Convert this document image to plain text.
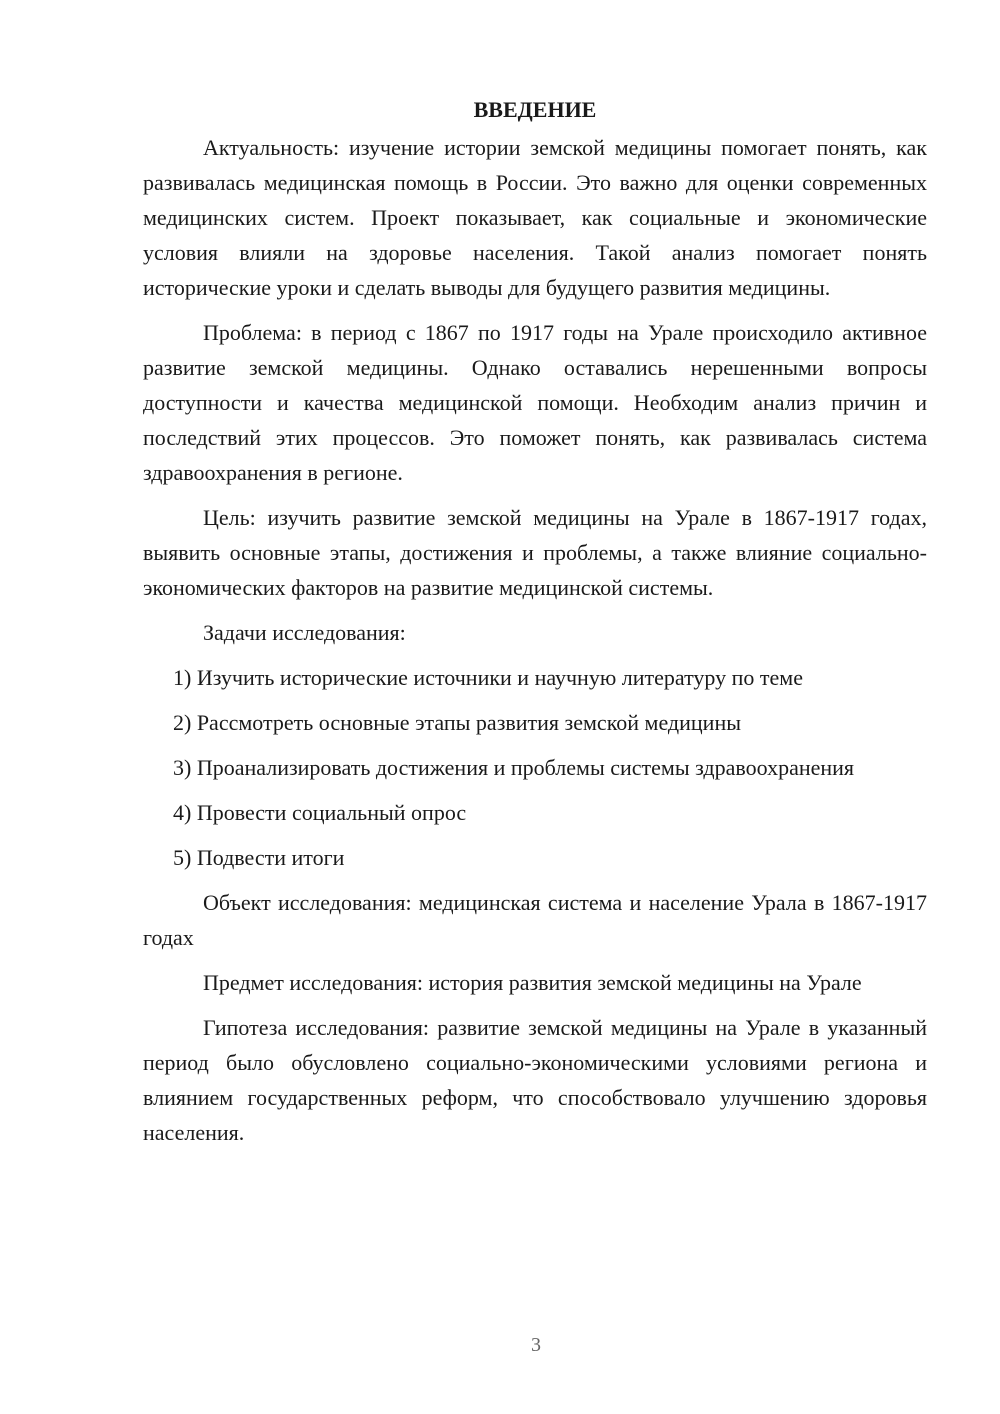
ВВЕДЕНИЕ

Актуальность: изучение истории земской медицины помогает понять, как развивалась медицинская помощь в России. Это важно для оценки современных медицинских систем. Проект показывает, как социальные и экономические условия влияли на здоровье населения. Такой анализ помогает понять исторические уроки и сделать выводы для будущего развития медицины.

Проблема: в период с 1867 по 1917 годы на Урале происходило активное развитие земской медицины. Однако оставались нерешенными вопросы доступности и качества медицинской помощи. Необходим анализ причин и последствий этих процессов. Это поможет понять, как развивалась система здравоохранения в регионе.

Цель: изучить развитие земской медицины на Урале в 1867-1917 годах, выявить основные этапы, достижения и проблемы, а также влияние социально-экономических факторов на развитие медицинской системы.

Задачи исследования:

1) Изучить исторические источники и научную литературу по теме

2) Рассмотреть основные этапы развития земской медицины

3) Проанализировать достижения и проблемы системы здравоохранения

4) Провести социальный опрос

5) Подвести итоги

Объект исследования: медицинская система и население Урала в 1867-1917 годах

Предмет исследования: история развития земской медицины на Урале

Гипотеза исследования: развитие земской медицины на Урале в указанный период было обусловлено социально-экономическими условиями региона и влиянием государственных реформ, что способствовало улучшению здоровья населения.

3
